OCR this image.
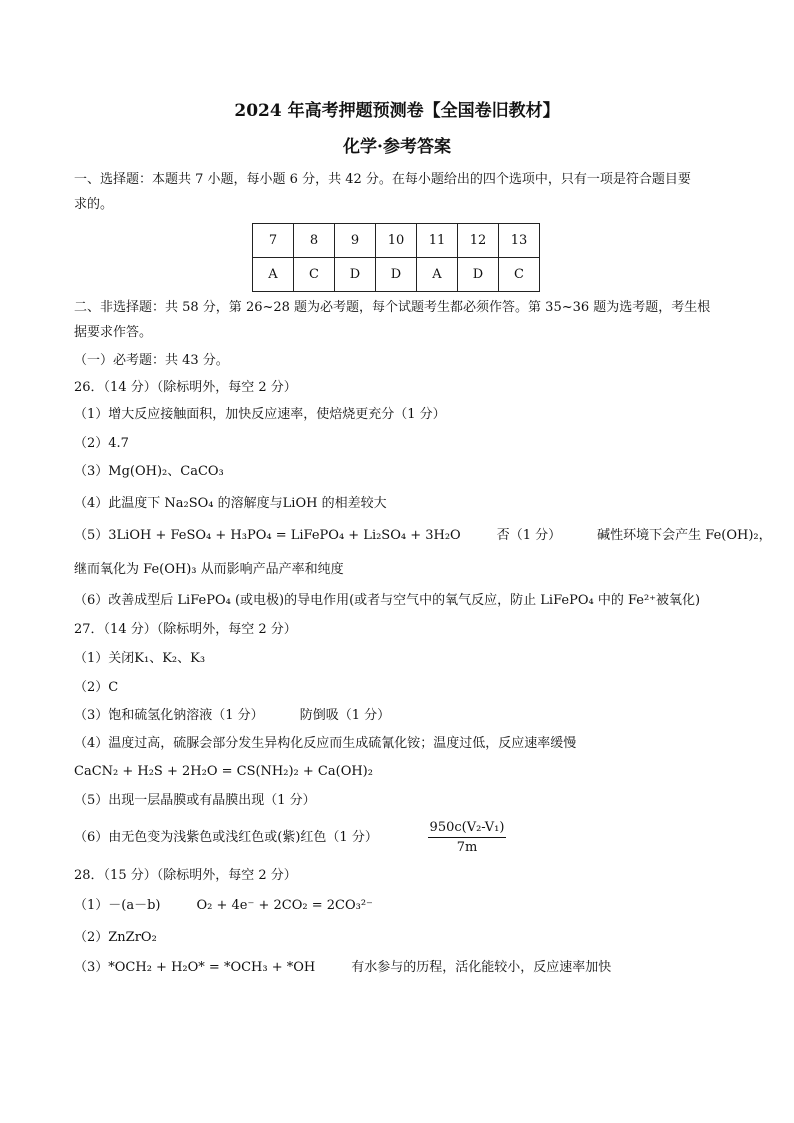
2024 年高考押题预测卷【全国卷旧教材】
化学·参考答案
一、选择题：本题共 7 小题，每小题 6 分，共 42 分。在每小题给出的四个选项中，只有一项是符合题目要
求的。
7	8	9	10	11	12	13
A	C	D	D	A	D	C
二、非选择题：共 58 分，第 26~28 题为必考题，每个试题考生都必须作答。第 35~36 题为选考题，考生根
据要求作答。
（一）必考题：共 43 分。
26．（14 分）（除标明外，每空 2 分）
（1）增大反应接触面积，加快反应速率，使焙烧更充分（1 分）
（2）4.7
（3）Mg(OH)₂、CaCO₃
（4）此温度下 Na₂SO₄ 的溶解度与LiOH 的相差较大
（5）3LiOH + FeSO₄ + H₃PO₄ = LiFePO₄ + Li₂SO₄ + 3H₂O	否（1 分）	碱性环境下会产生 Fe(OH)₂，
继而氧化为 Fe(OH)₃ 从而影响产品产率和纯度
（6）改善成型后 LiFePO₄ (或电极)的导电作用(或者与空气中的氧气反应，防止 LiFePO₄ 中的 Fe²⁺被氧化)
27．（14 分）（除标明外，每空 2 分）
（1）关闭K₁、K₂、K₃
（2）C
（3）饱和硫氢化钠溶液（1 分）	防倒吸（1 分）
（4）温度过高，硫脲会部分发生异构化反应而生成硫氰化铵；温度过低，反应速率缓慢
CaCN₂ + H₂S + 2H₂O = CS(NH₂)₂ + Ca(OH)₂
（5）出现一层晶膜或有晶膜出现（1 分）
（6）由无色变为浅紫色或浅红色或(紫)红色（1 分）	$\frac{\text{950c(V₂-V₁)}}{7m}$
28．（15 分）（除标明外，每空 2 分）
（1）－(a－b)	O₂ + 4e⁻ + 2CO₂ = 2CO₃²⁻
（2）ZnZrO₂
（3）*OCH₂ + H₂O* = *OCH₃ + *OH	有水参与的历程，活化能较小，反应速率加快
